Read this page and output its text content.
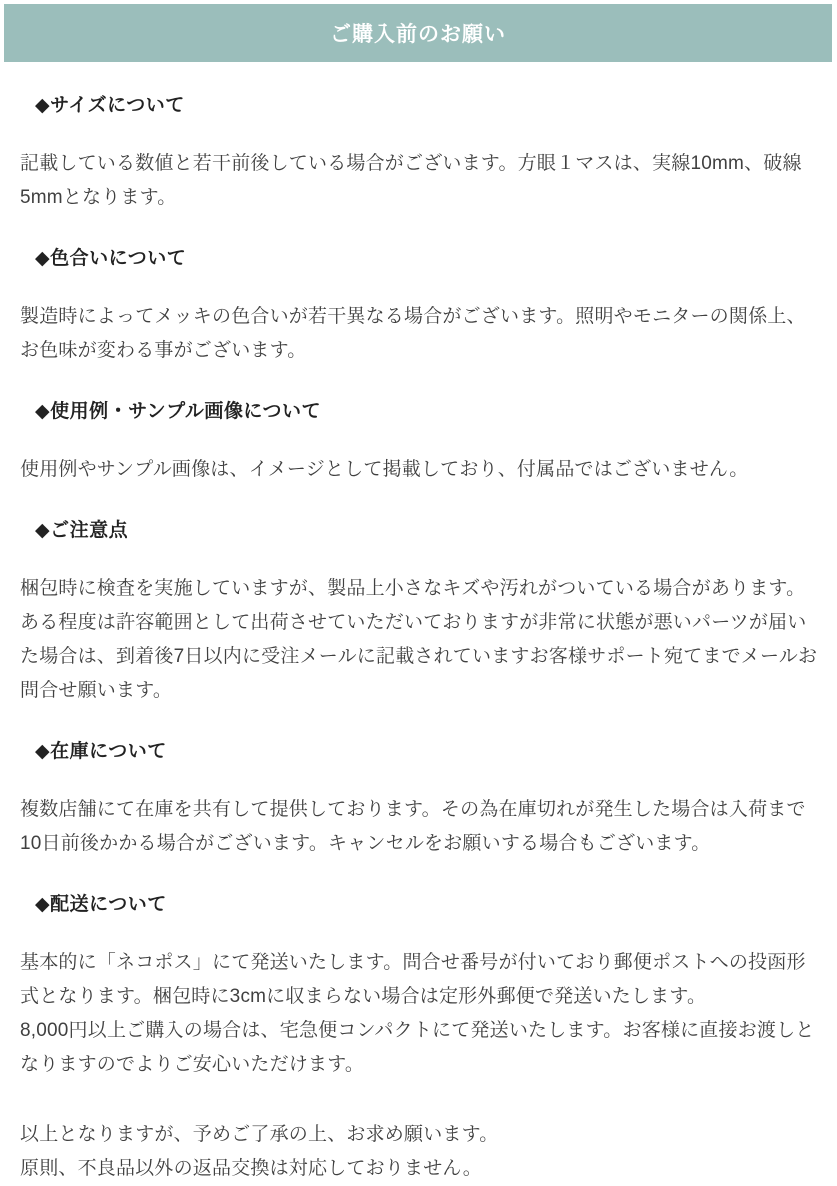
ご購入前のお願い
◆サイズについて

記載している数値と若干前後している場合がございます。方眼１マスは、実線10mm、破線5mmとなります。

◆色合いについて

製造時によってメッキの色合いが若干異なる場合がございます。照明やモニターの関係上、お色味が変わる事がございます。

◆使用例・サンプル画像について

使用例やサンプル画像は、イメージとして掲載しており、付属品ではございません。

◆ご注意点

梱包時に検査を実施していますが、製品上小さなキズや汚れがついている場合があります。ある程度は許容範囲として出荷させていただいておりますが非常に状態が悪いパーツが届いた場合は、到着後7日以内に受注メールに記載されていますお客様サポート宛てまでメールお問合せ願います。

◆在庫について

複数店舗にて在庫を共有して提供しております。その為在庫切れが発生した場合は入荷まで10日前後かかる場合がございます。キャンセルをお願いする場合もございます。

◆配送について

基本的に「ネコポス」にて発送いたします。問合せ番号が付いており郵便ポストへの投函形式となります。梱包時に3cmに収まらない場合は定形外郵便で発送いたします。
8,000円以上ご購入の場合は、宅急便コンパクトにて発送いたします。お客様に直接お渡しとなりますのでよりご安心いただけます。

以上となりますが、予めご了承の上、お求め願います。
原則、不良品以外の返品交換は対応しておりません。
